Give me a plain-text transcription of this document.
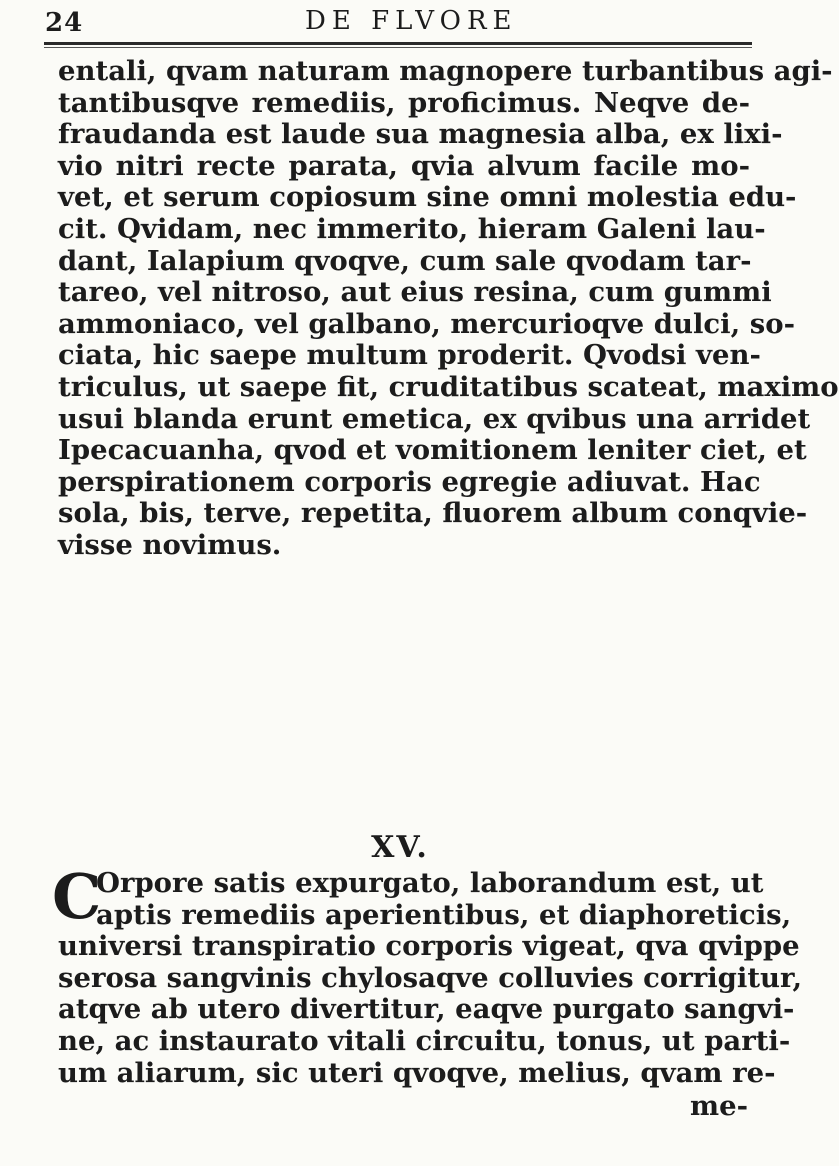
24	DE FLVORE
entali, qvam naturam magnopere turbantibus agi-
tantibusqve remediis, proficimus. Neqve de-
fraudanda est laude sua magnesia alba, ex lixi-
vio nitri recte parata, qvia alvum facile mo-
vet, et serum copiosum sine omni molestia edu-
cit. Qvidam, nec immerito, hieram Galeni lau-
dant, Ialapium qvoqve, cum sale qvodam tar-
tareo, vel nitroso, aut eius resina, cum gummi
ammoniaco, vel galbano, mercurioqve dulci, so-
ciata, hic saepe multum proderit. Qvodsi ven-
triculus, ut saepe fit, cruditatibus scateat, maximo
usui blanda erunt emetica, ex qvibus una arridet
Ipecacuanha, qvod et vomitionem leniter ciet, et
perspirationem corporis egregie adiuvat. Hac
sola, bis, terve, repetita, fluorem album conqvie-
visse novimus.
XV.
C
Orpore satis expurgato, laborandum est, ut
aptis remediis aperientibus, et diaphoreticis,
universi transpiratio corporis vigeat, qva qvippe
serosa sangvinis chylosaqve colluvies corrigitur,
atqve ab utero divertitur, eaqve purgato sangvi-
ne, ac instaurato vitali circuitu, tonus, ut parti-
um aliarum, sic uteri qvoqve, melius, qvam re-
me-
